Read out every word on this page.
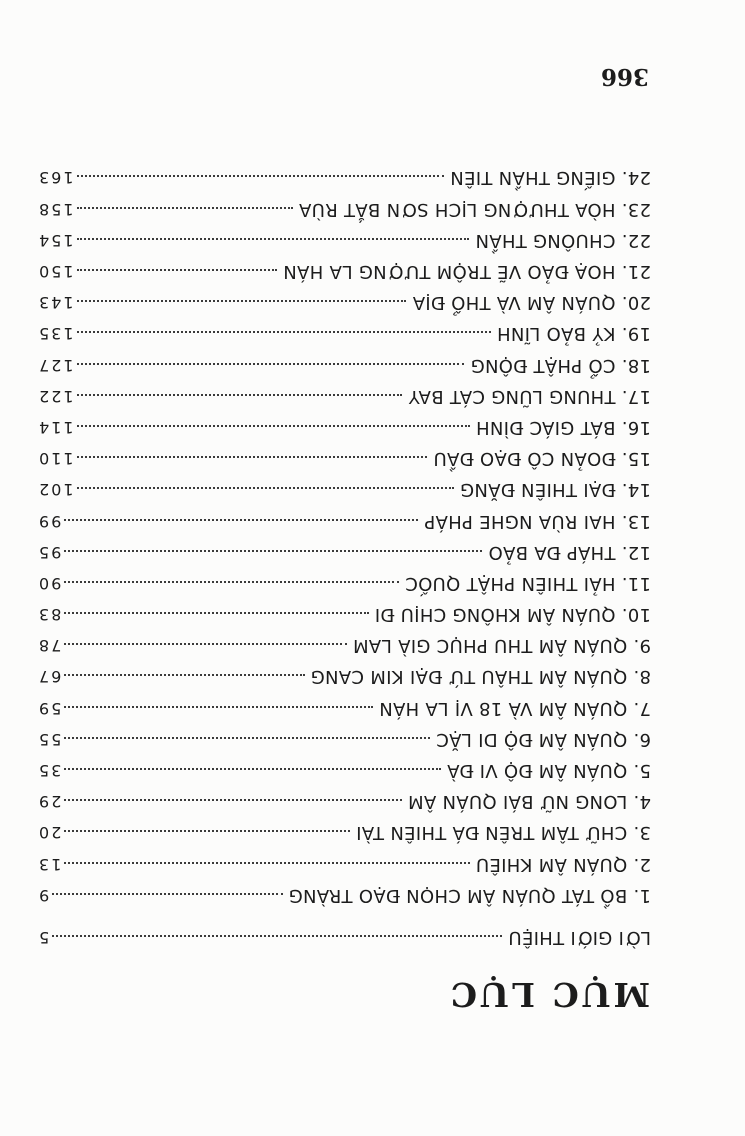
MỤC LỤC
LỜI GIỚI THIỆU
5
1. BỒ TÁT QUÁN ÂM CHỌN ĐẠO TRÀNG
9
2. QUÁN ÂM KHIÊU
13
3. CHỮ TÂM TRÊN ĐÁ THIÊN TÀI
20
4. LONG NỮ BÁI QUÁN ÂM
29
5. QUÁN ÂM ĐỘ VI ĐÀ
35
6. QUÁN ÂM ĐỘ DI LẶC
55
7. QUÁN ÂM VÀ 18 VỊ LA HÁN
59
8. QUÁN ÂM THÂU TỨ ĐẠI KIM CANG
67
9. QUÁN ÂM THU PHỤC GIÀ LAM
78
10. QUÁN ÂM KHÔNG CHỊU ĐI
83
11. HẢI THIÊN PHẬT QUỐC
90
12. THÁP ĐA BẢO
95
13. HAI RÙA NGHE PHÁP
99
14. ĐẠI THIÊN ĐĂNG
102
15. ĐOẢN CÔ ĐẠO ĐẦU
110
16. BÁT GIÁC ĐÌNH
114
17. THUNG LŨNG CÁT BAY
122
18. CỔ PHẬT ĐỘNG
127
19. KỶ BẢO LĨNH
135
20. QUÁN ÂM VÀ THỔ ĐỊA
143
21. HOẠ ĐẢO VẼ TRỘM TƯỢNG LA HÁN
150
22. CHUÔNG THẦN
154
23. HÒA THƯỢNG LỊCH SƠN BẮT RÙA
158
24. GIẾNG THẦN TIÊN
163
366
